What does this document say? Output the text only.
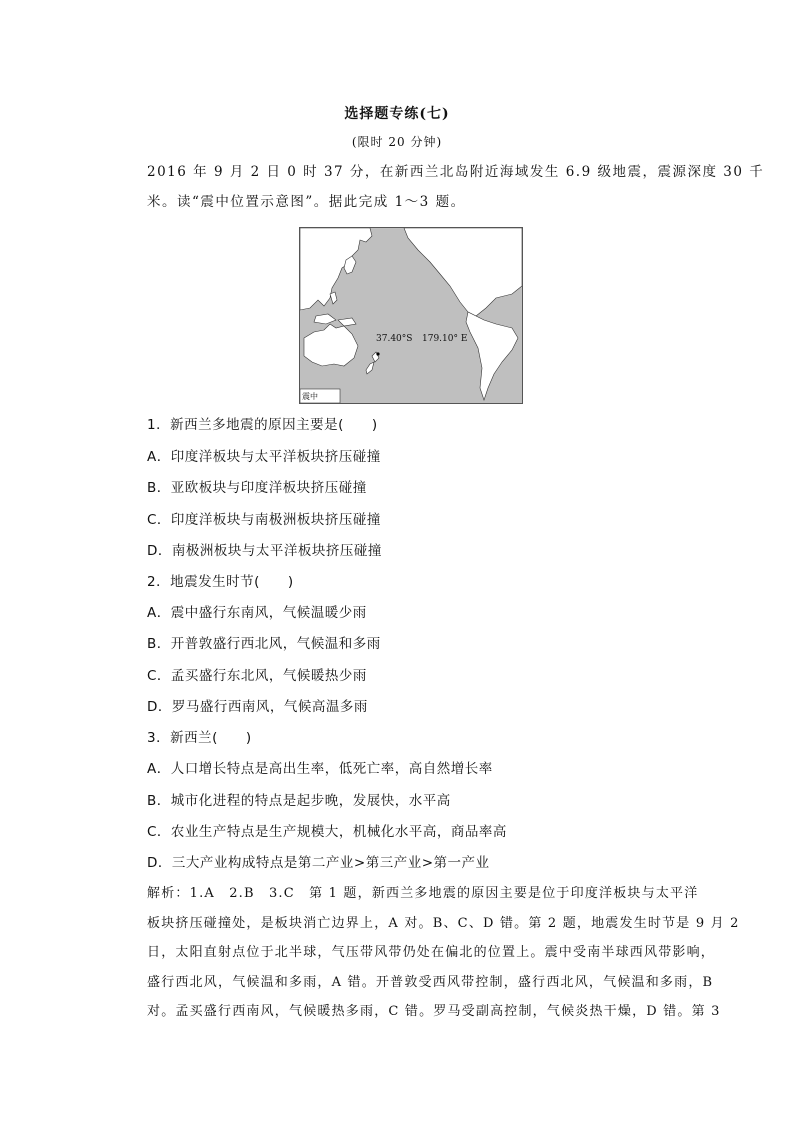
选择题专练(七)
(限时 20 分钟)
2016 年 9 月 2 日 0 时 37 分，在新西兰北岛附近海域发生 6.9 级地震，震源深度 30 千
米。读“震中位置示意图”。据此完成 1～3 题。
37.40°S 179.10° E
震中
1．新西兰多地震的原因主要是(　　)
A．印度洋板块与太平洋板块挤压碰撞
B．亚欧板块与印度洋板块挤压碰撞
C．印度洋板块与南极洲板块挤压碰撞
D．南极洲板块与太平洋板块挤压碰撞
2．地震发生时节(　　)
A．震中盛行东南风，气候温暖少雨
B．开普敦盛行西北风，气候温和多雨
C．孟买盛行东北风，气候暖热少雨
D．罗马盛行西南风，气候高温多雨
3．新西兰(　　)
A．人口增长特点是高出生率，低死亡率，高自然增长率
B．城市化进程的特点是起步晚，发展快，水平高
C．农业生产特点是生产规模大，机械化水平高，商品率高
D．三大产业构成特点是第二产业>第三产业>第一产业
解析：1.A　2.B　3.C　第 1 题，新西兰多地震的原因主要是位于印度洋板块与太平洋
板块挤压碰撞处，是板块消亡边界上，A 对。B、C、D 错。第 2 题，地震发生时节是 9 月 2
日，太阳直射点位于北半球，气压带风带仍处在偏北的位置上。震中受南半球西风带影响，
盛行西北风，气候温和多雨，A 错。开普敦受西风带控制，盛行西北风，气候温和多雨，B
对。孟买盛行西南风，气候暖热多雨，C 错。罗马受副高控制，气候炎热干燥，D 错。第 3
